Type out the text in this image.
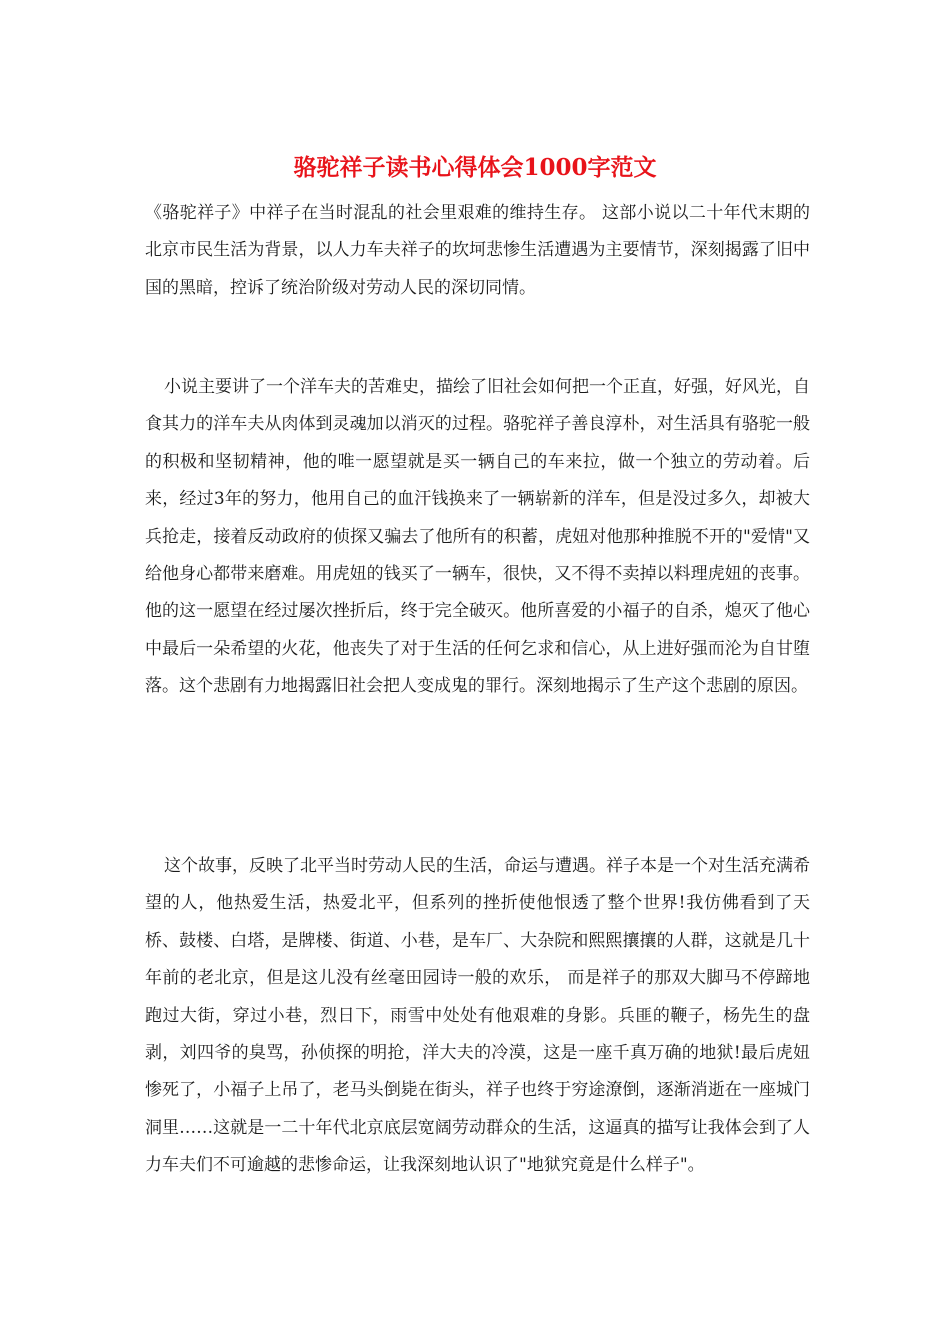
骆驼祥子读书心得体会1000字范文

《骆驼祥子》中祥子在当时混乱的社会里艰难的维持生存。 这部小说以二十年代末期的北京市民生活为背景，以人力车夫祥子的坎坷悲惨生活遭遇为主要情节，深刻揭露了旧中国的黑暗，控诉了统治阶级对劳动人民的深切同情。

小说主要讲了一个洋车夫的苦难史，描绘了旧社会如何把一个正直，好强，好风光，自食其力的洋车夫从肉体到灵魂加以消灭的过程。骆驼祥子善良淳朴，对生活具有骆驼一般的积极和坚韧精神，他的唯一愿望就是买一辆自己的车来拉，做一个独立的劳动着。后来，经过3年的努力，他用自己的血汗钱换来了一辆崭新的洋车，但是没过多久，却被大兵抢走，接着反动政府的侦探又骗去了他所有的积蓄，虎妞对他那种推脱不开的"爱情"又给他身心都带来磨难。用虎妞的钱买了一辆车，很快，又不得不卖掉以料理虎妞的丧事。他的这一愿望在经过屡次挫折后，终于完全破灭。他所喜爱的小福子的自杀，熄灭了他心中最后一朵希望的火花，他丧失了对于生活的任何乞求和信心，从上进好强而沦为自甘堕落。这个悲剧有力地揭露旧社会把人变成鬼的罪行。深刻地揭示了生产这个悲剧的原因。

这个故事，反映了北平当时劳动人民的生活，命运与遭遇。祥子本是一个对生活充满希望的人，他热爱生活，热爱北平，但系列的挫折使他恨透了整个世界!我仿佛看到了天桥、鼓楼、白塔，是牌楼、街道、小巷，是车厂、大杂院和熙熙攘攘的人群，这就是几十年前的老北京，但是这儿没有丝毫田园诗一般的欢乐， 而是祥子的那双大脚马不停蹄地跑过大街，穿过小巷，烈日下，雨雪中处处有他艰难的身影。兵匪的鞭子，杨先生的盘剥，刘四爷的臭骂，孙侦探的明抢，洋大夫的冷漠，这是一座千真万确的地狱!最后虎妞惨死了，小福子上吊了，老马头倒毙在街头，祥子也终于穷途潦倒，逐渐消逝在一座城门洞里……这就是一二十年代北京底层宽阔劳动群众的生活，这逼真的描写让我体会到了人力车夫们不可逾越的悲惨命运，让我深刻地认识了"地狱究竟是什么样子"。
